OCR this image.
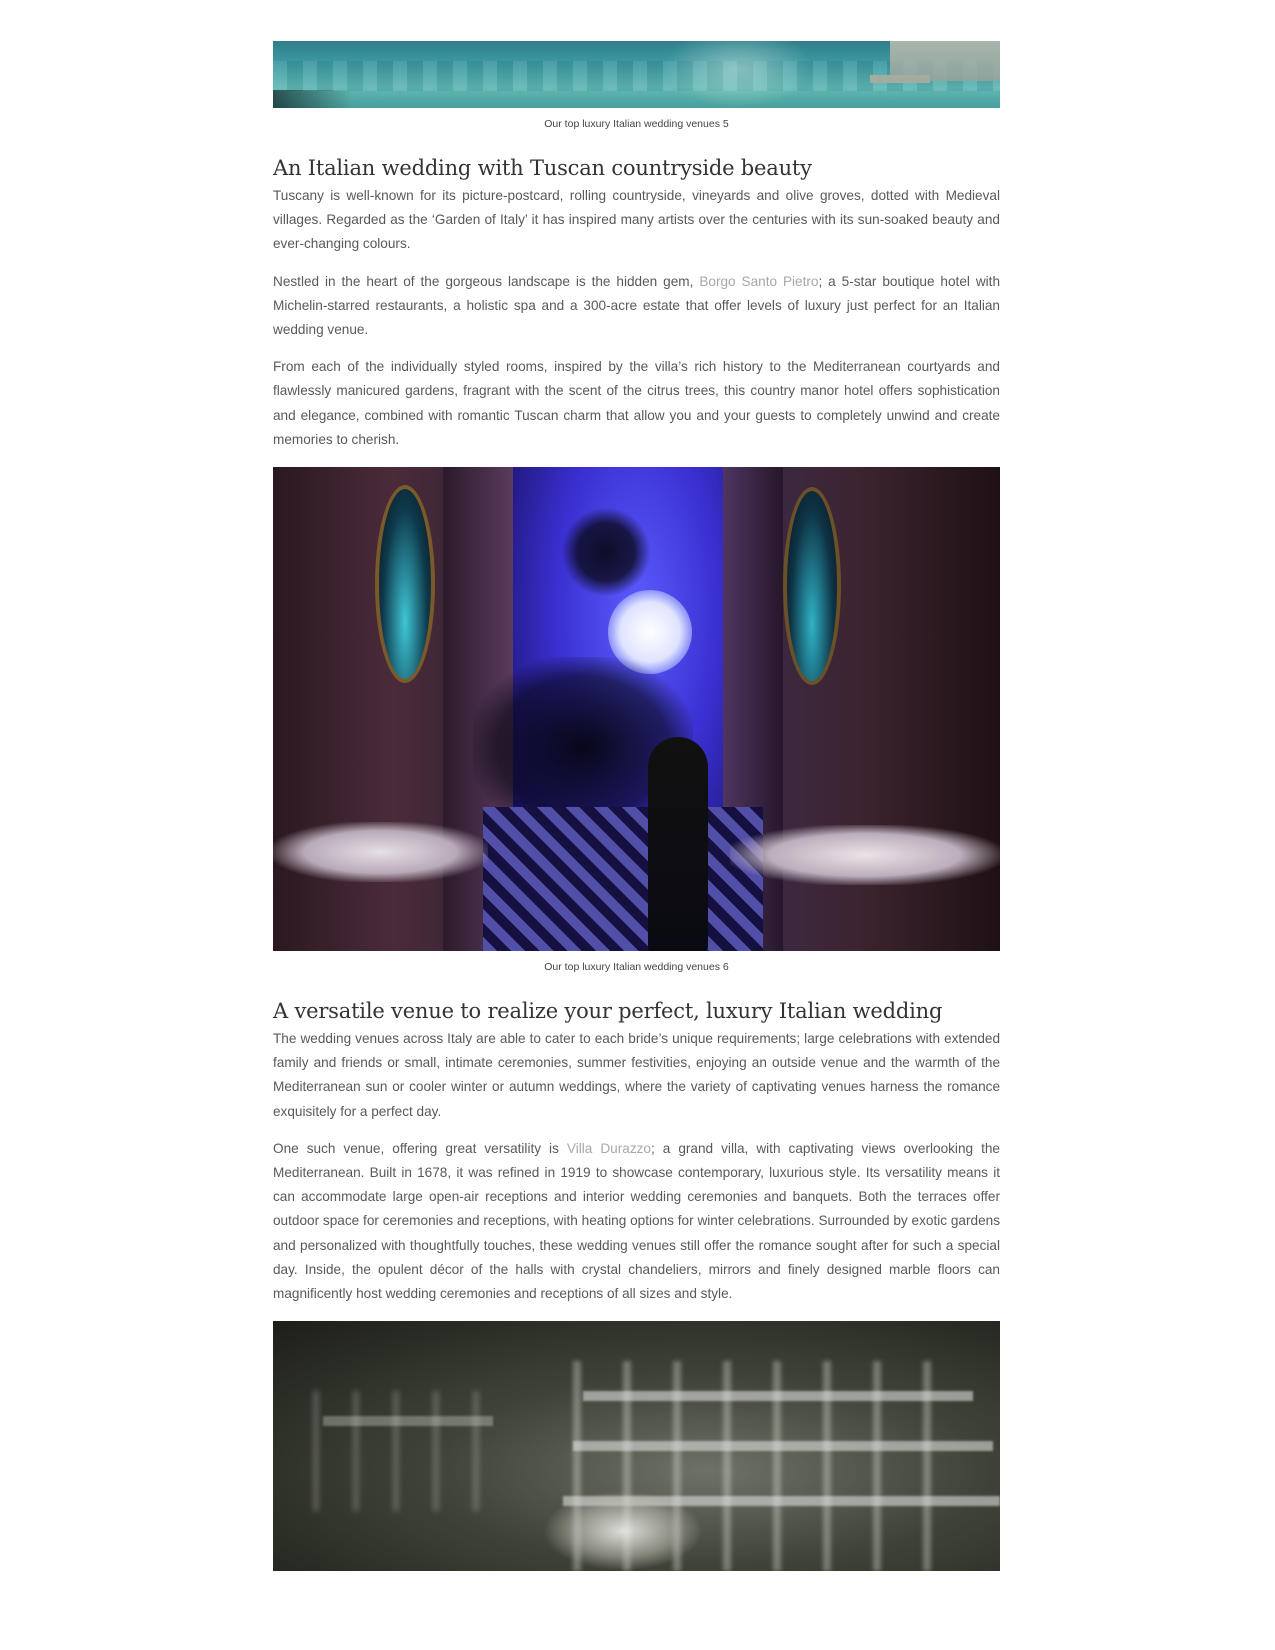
Our top luxury Italian wedding venues 5
An Italian wedding with Tuscan countryside beauty

Tuscany is well-known for its picture-postcard, rolling countryside, vineyards and olive groves, dotted with Medieval villages. Regarded as the ‘Garden of Italy’ it has inspired many artists over the centuries with its sun-soaked beauty and ever-changing colours.

Nestled in the heart of the gorgeous landscape is the hidden gem, Borgo Santo Pietro; a 5-star boutique hotel with Michelin-starred restaurants, a holistic spa and a 300-acre estate that offer levels of luxury just perfect for an Italian wedding venue.

From each of the individually styled rooms, inspired by the villa’s rich history to the Mediterranean courtyards and flawlessly manicured gardens, fragrant with the scent of the citrus trees, this country manor hotel offers sophistication and elegance, combined with romantic Tuscan charm that allow you and your guests to completely unwind and create memories to cherish.

Our top luxury Italian wedding venues 6
A versatile venue to realize your perfect, luxury Italian wedding

The wedding venues across Italy are able to cater to each bride’s unique requirements; large celebrations with extended family and friends or small, intimate ceremonies, summer festivities, enjoying an outside venue and the warmth of the Mediterranean sun or cooler winter or autumn weddings, where the variety of captivating venues harness the romance exquisitely for a perfect day.

One such venue, offering great versatility is Villa Durazzo; a grand villa, with captivating views overlooking the Mediterranean. Built in 1678, it was refined in 1919 to showcase contemporary, luxurious style. Its versatility means it can accommodate large open-air receptions and interior wedding ceremonies and banquets. Both the terraces offer outdoor space for ceremonies and receptions, with heating options for winter celebrations. Surrounded by exotic gardens and personalized with thoughtfully touches, these wedding venues still offer the romance sought after for such a special day. Inside, the opulent décor of the halls with crystal chandeliers, mirrors and finely designed marble floors can magnificently host wedding ceremonies and receptions of all sizes and style.
